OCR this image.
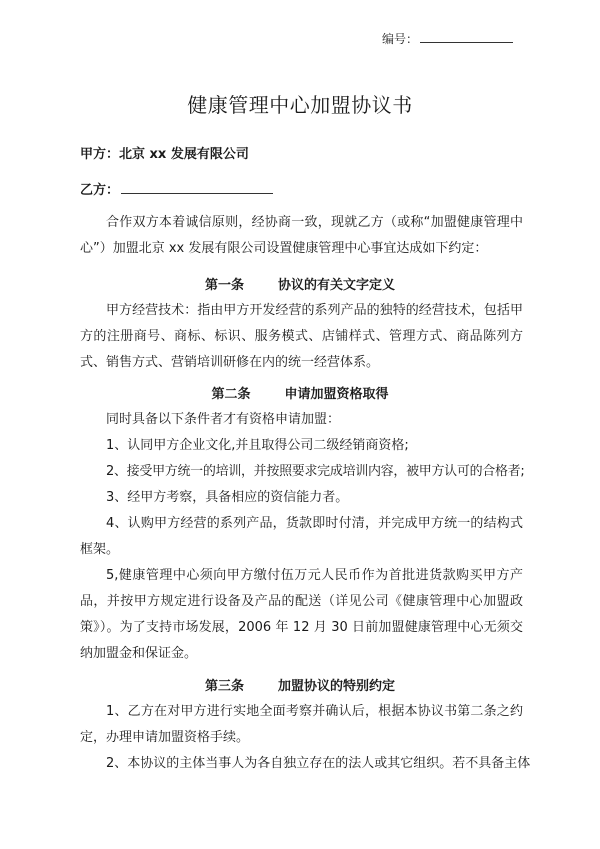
编号：
健康管理中心加盟协议书
甲方：北京 xx 发展有限公司
乙方：

合作双方本着诚信原则，经协商一致，现就乙方（或称“加盟健康管理中心”）加盟北京 xx 发展有限公司设置健康管理中心事宜达成如下约定：

第一条	协议的有关文字定义

甲方经营技术：指由甲方开发经营的系列产品的独特的经营技术，包括甲方的注册商号、商标、标识、服务模式、店铺样式、管理方式、商品陈列方式、销售方式、营销培训研修在内的统一经营体系。

第二条	申请加盟资格取得

同时具备以下条件者才有资格申请加盟：

1、认同甲方企业文化,并且取得公司二级经销商资格;

2、接受甲方统一的培训，并按照要求完成培训内容，被甲方认可的合格者;

3、经甲方考察，具备相应的资信能力者。

4、认购甲方经营的系列产品，货款即时付清，并完成甲方统一的结构式框架。

5,健康管理中心须向甲方缴付伍万元人民币作为首批进货款购买甲方产品，并按甲方规定进行设备及产品的配送（详见公司《健康管理中心加盟政策》）。为了支持市场发展，2006 年 12 月 30 日前加盟健康管理中心无须交纳加盟金和保证金。

第三条	加盟协议的特别约定

1、乙方在对甲方进行实地全面考察并确认后，根据本协议书第二条之约定，办理申请加盟资格手续。

2、本协议的主体当事人为各自独立存在的法人或其它组织。若不具备主体
